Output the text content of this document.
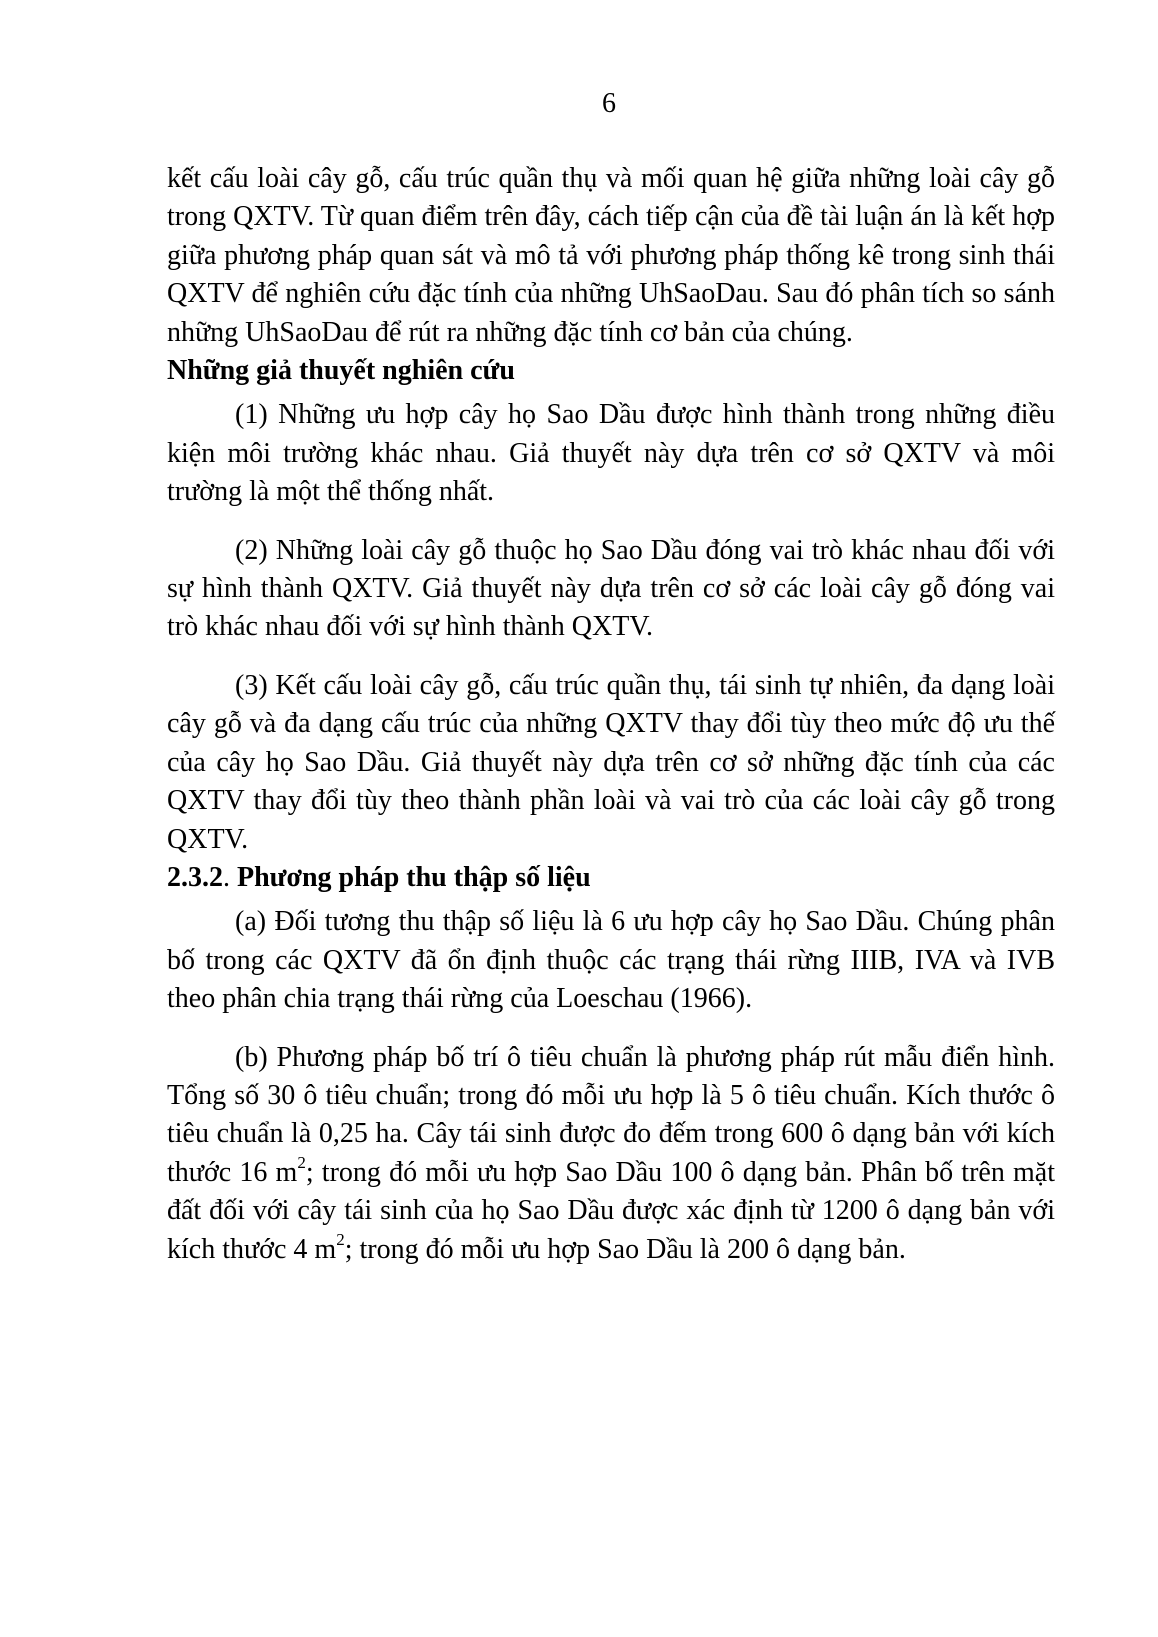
6

kết cấu loài cây gỗ, cấu trúc quần thụ và mối quan hệ giữa những loài cây gỗ trong QXTV. Từ quan điểm trên đây, cách tiếp cận của đề tài luận án là kết hợp giữa phương pháp quan sát và mô tả với phương pháp thống kê trong sinh thái QXTV để nghiên cứu đặc tính của những UhSaoDau. Sau đó phân tích so sánh những UhSaoDau để rút ra những đặc tính cơ bản của chúng.

Những giả thuyết nghiên cứu

(1) Những ưu hợp cây họ Sao Dầu được hình thành trong những điều kiện môi trường khác nhau. Giả thuyết này dựa trên cơ sở QXTV và môi trường là một thể thống nhất.

(2) Những loài cây gỗ thuộc họ Sao Dầu đóng vai trò khác nhau đối với sự hình thành QXTV. Giả thuyết này dựa trên cơ sở các loài cây gỗ đóng vai trò khác nhau đối với sự hình thành QXTV.

(3) Kết cấu loài cây gỗ, cấu trúc quần thụ, tái sinh tự nhiên, đa dạng loài cây gỗ và đa dạng cấu trúc của những QXTV thay đổi tùy theo mức độ ưu thế của cây họ Sao Dầu. Giả thuyết này dựa trên cơ sở những đặc tính của các QXTV thay đổi tùy theo thành phần loài và vai trò của các loài cây gỗ trong QXTV.

2.3.2. Phương pháp thu thập số liệu

(a) Đối tương thu thập số liệu là 6 ưu hợp cây họ Sao Dầu. Chúng phân bố trong các QXTV đã ổn định thuộc các trạng thái rừng IIIB, IVA và IVB theo phân chia trạng thái rừng của Loeschau (1966).

(b) Phương pháp bố trí ô tiêu chuẩn là phương pháp rút mẫu điển hình. Tổng số 30 ô tiêu chuẩn; trong đó mỗi ưu hợp là 5 ô tiêu chuẩn. Kích thước ô tiêu chuẩn là 0,25 ha. Cây tái sinh được đo đếm trong 600 ô dạng bản với kích thước 16 $m^2$; trong đó mỗi ưu hợp Sao Dầu 100 ô dạng bản. Phân bố trên mặt đất đối với cây tái sinh của họ Sao Dầu được xác định từ 1200 ô dạng bản với kích thước 4 $m^2$; trong đó mỗi ưu hợp Sao Dầu là 200 ô dạng bản.
